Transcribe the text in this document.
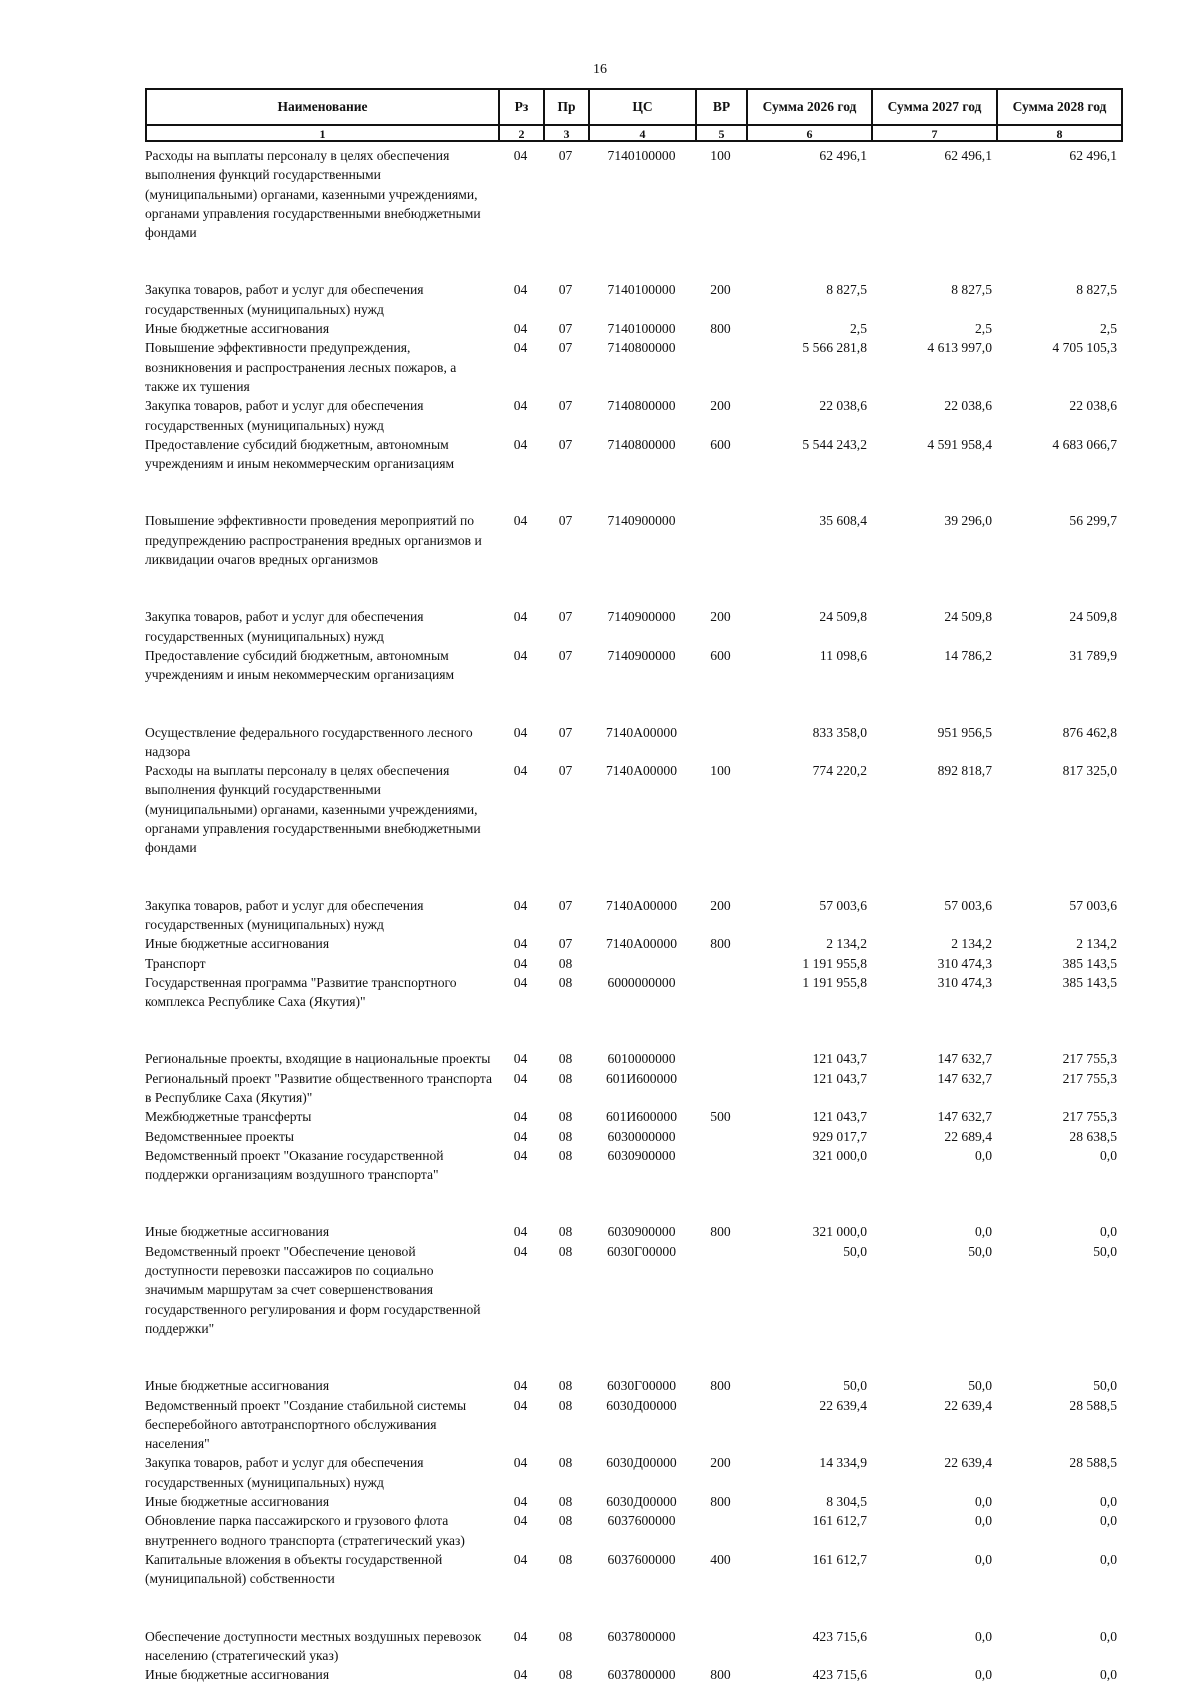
16
Наименование	Рз	Пр	ЦС	ВР	Сумма 2026 год	Сумма 2027 год	Сумма 2028 год
1	2	3	4	5	6	7	8
Расходы на выплаты персоналу в целях обеспечения выполнения функций государственными (муниципальными) органами, казенными учреждениями, органами управления государственными внебюджетными фондами	04	07	7140100000	100	62 496,1	62 496,1	62 496,1
Закупка товаров, работ и услуг для обеспечения государственных (муниципальных) нужд	04	07	7140100000	200	8 827,5	8 827,5	8 827,5
Иные бюджетные ассигнования	04	07	7140100000	800	2,5	2,5	2,5
Повышение эффективности предупреждения, возникновения и распространения лесных пожаров, а также их тушения	04	07	7140800000		5 566 281,8	4 613 997,0	4 705 105,3
Закупка товаров, работ и услуг для обеспечения государственных (муниципальных) нужд	04	07	7140800000	200	22 038,6	22 038,6	22 038,6
Предоставление субсидий бюджетным, автономным учреждениям и иным некоммерческим организациям	04	07	7140800000	600	5 544 243,2	4 591 958,4	4 683 066,7
Повышение эффективности проведения мероприятий по предупреждению распространения вредных организмов и ликвидации очагов вредных организмов	04	07	7140900000		35 608,4	39 296,0	56 299,7
Закупка товаров, работ и услуг для обеспечения государственных (муниципальных) нужд	04	07	7140900000	200	24 509,8	24 509,8	24 509,8
Предоставление субсидий бюджетным, автономным учреждениям и иным некоммерческим организациям	04	07	7140900000	600	11 098,6	14 786,2	31 789,9
Осуществление федерального государственного лесного надзора	04	07	7140А00000		833 358,0	951 956,5	876 462,8
Расходы на выплаты персоналу в целях обеспечения выполнения функций государственными (муниципальными) органами, казенными учреждениями, органами управления государственными внебюджетными фондами	04	07	7140А00000	100	774 220,2	892 818,7	817 325,0
Закупка товаров, работ и услуг для обеспечения государственных (муниципальных) нужд	04	07	7140А00000	200	57 003,6	57 003,6	57 003,6
Иные бюджетные ассигнования	04	07	7140А00000	800	2 134,2	2 134,2	2 134,2
Транспорт	04	08			1 191 955,8	310 474,3	385 143,5
Государственная программа "Развитие транспортного комплекса Республике Саха (Якутия)"	04	08	6000000000		1 191 955,8	310 474,3	385 143,5
Региональные проекты, входящие в национальные проекты	04	08	6010000000		121 043,7	147 632,7	217 755,3
Региональный проект "Развитие общественного транспорта в Республике Саха (Якутия)"	04	08	601И600000		121 043,7	147 632,7	217 755,3
Межбюджетные трансферты	04	08	601И600000	500	121 043,7	147 632,7	217 755,3
Ведомственныее проекты	04	08	6030000000		929 017,7	22 689,4	28 638,5
Ведомственный проект "Оказание государственной поддержки организациям воздушного транспорта"	04	08	6030900000		321 000,0	0,0	0,0
Иные бюджетные ассигнования	04	08	6030900000	800	321 000,0	0,0	0,0
Ведомственный проект "Обеспечение ценовой доступности перевозки пассажиров по социально значимым маршрутам за счет совершенствования государственного регулирования и форм государственной поддержки"	04	08	6030Г00000		50,0	50,0	50,0
Иные бюджетные ассигнования	04	08	6030Г00000	800	50,0	50,0	50,0
Ведомственный проект "Создание стабильной системы бесперебойного автотранспортного обслуживания населения"	04	08	6030Д00000		22 639,4	22 639,4	28 588,5
Закупка товаров, работ и услуг для обеспечения государственных (муниципальных) нужд	04	08	6030Д00000	200	14 334,9	22 639,4	28 588,5
Иные бюджетные ассигнования	04	08	6030Д00000	800	8 304,5	0,0	0,0
Обновление парка пассажирского и грузового флота внутреннего водного транспорта (стратегический указ)	04	08	6037600000		161 612,7	0,0	0,0
Капитальные вложения в объекты государственной (муниципальной) собственности	04	08	6037600000	400	161 612,7	0,0	0,0
Обеспечение доступности местных воздушных перевозок населению (стратегический указ)	04	08	6037800000		423 715,6	0,0	0,0
Иные бюджетные ассигнования	04	08	6037800000	800	423 715,6	0,0	0,0
